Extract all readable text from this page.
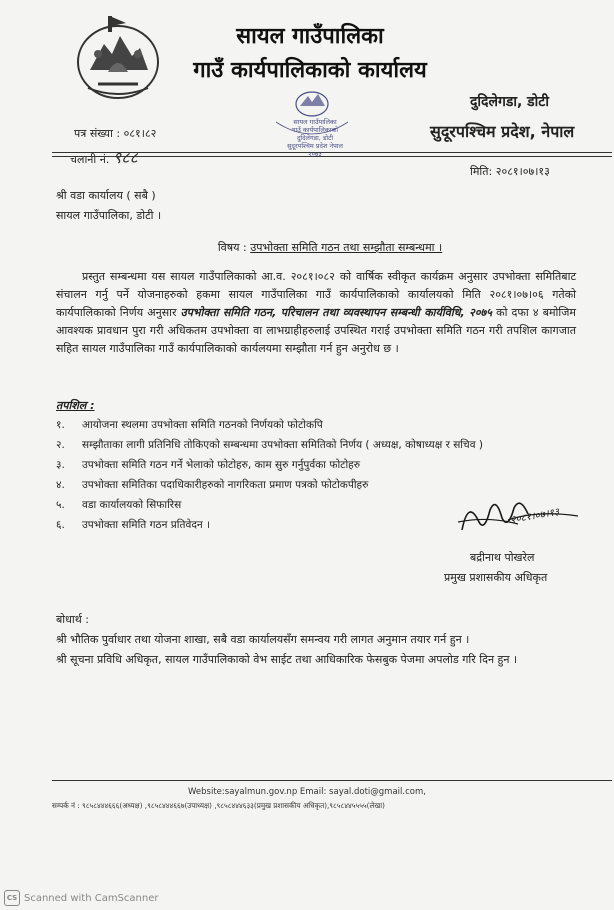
सायल गाउँपालिका
गाउँ कार्यपालिकाको कार्यालय
सायल गाउँपालिका
गाउँ कार्यपालिकाको
दुदिलेगडा, डोटी
सुदूरपश्चिम प्रदेश नेपाल
२०७३
दुदिलेगडा, डोटी
सुदूरपश्चिम प्रदेश, नेपाल
पत्र संख्या : ०८१।८२
चलानी नं. ९८८
मिति: २०८१।०७।१३
श्री वडा कार्यालय ( सबै )
सायल गाउँपालिका, डोटी ।
विषय : उपभोक्ता समिति गठन तथा सम्झौता सम्बन्धमा ।

प्रस्तुत सम्बन्धमा यस सायल गाउँपालिकाको आ.व. २०८१।०८२ को वार्षिक स्वीकृत कार्यक्रम अनुसार उपभोक्ता समितिबाट संचालन गर्नु पर्ने योजनाहरुको हकमा सायल गाउँपालिका गाउँ कार्यपालिकाको कार्यालयको मिति २०८१।०७।०६ गतेको कार्यपालिकाको निर्णय अनुसार उपभोक्ता समिति गठन, परिचालन तथा व्यवस्थापन सम्बन्धी कार्यविधि, २०७५ को दफा ४ बमोजिम आवश्यक प्रावधान पुरा गरी अधिकतम उपभोक्ता वा लाभग्राहीहरुलाई उपस्थित गराई उपभोक्ता समिति गठन गरी तपशिल कागजात सहित सायल गाउँपालिका गाउँ कार्यपालिकाको कार्यलयमा सम्झौता गर्न हुन अनुरोध छ ।

तपशिल :
१.	आयोजना स्थलमा उपभोक्ता समिति गठनको निर्णयको फोटोकपि
२.	सम्झौताका लागी प्रतिनिधि तोकिएको सम्बन्धमा उपभोक्ता समितिको निर्णय ( अध्यक्ष, कोषाध्यक्ष र सचिव )
३.	उपभोक्ता समिति गठन गर्ने भेलाको फोटोहरु, काम सुरु गर्नुपुर्वका फोटोहरु
४.	उपभोक्ता समितिका पदाधिकारीहरुको नागरिकता प्रमाण पत्रको फोटोकपीहरु
५.	वडा कार्यालयको सिफारिस
६.	उपभोक्ता समिति गठन प्रतिवेदन ।	२०८१।०७।१३
बद्रीनाथ पोखरेल
प्रमुख प्रशासकीय अधिकृत
बोधार्थ :
श्री भौतिक पुर्वाधार तथा योजना शाखा, सबै वडा कार्यालयसँग समन्वय गरी लागत अनुमान तयार गर्न हुन ।
श्री सूचना प्रविधि अधिकृत, सायल गाउँपालिकाको वेभ साईट तथा आधिकारिक फेसबुक पेजमा अपलोड गरि दिन हुन ।
Website:sayalmun.gov.np Email: sayal.doti@gmail.com,
सम्पर्क नं : ९८५८४४४६६६(अध्यक्ष) ,९८५८४४४६६७(उपाध्यक्ष) ,९८५८४४४६३३(प्रमुख प्रशासकीय अधिकृत),९८५८४४५५५५(लेखा)
CS Scanned with CamScanner
